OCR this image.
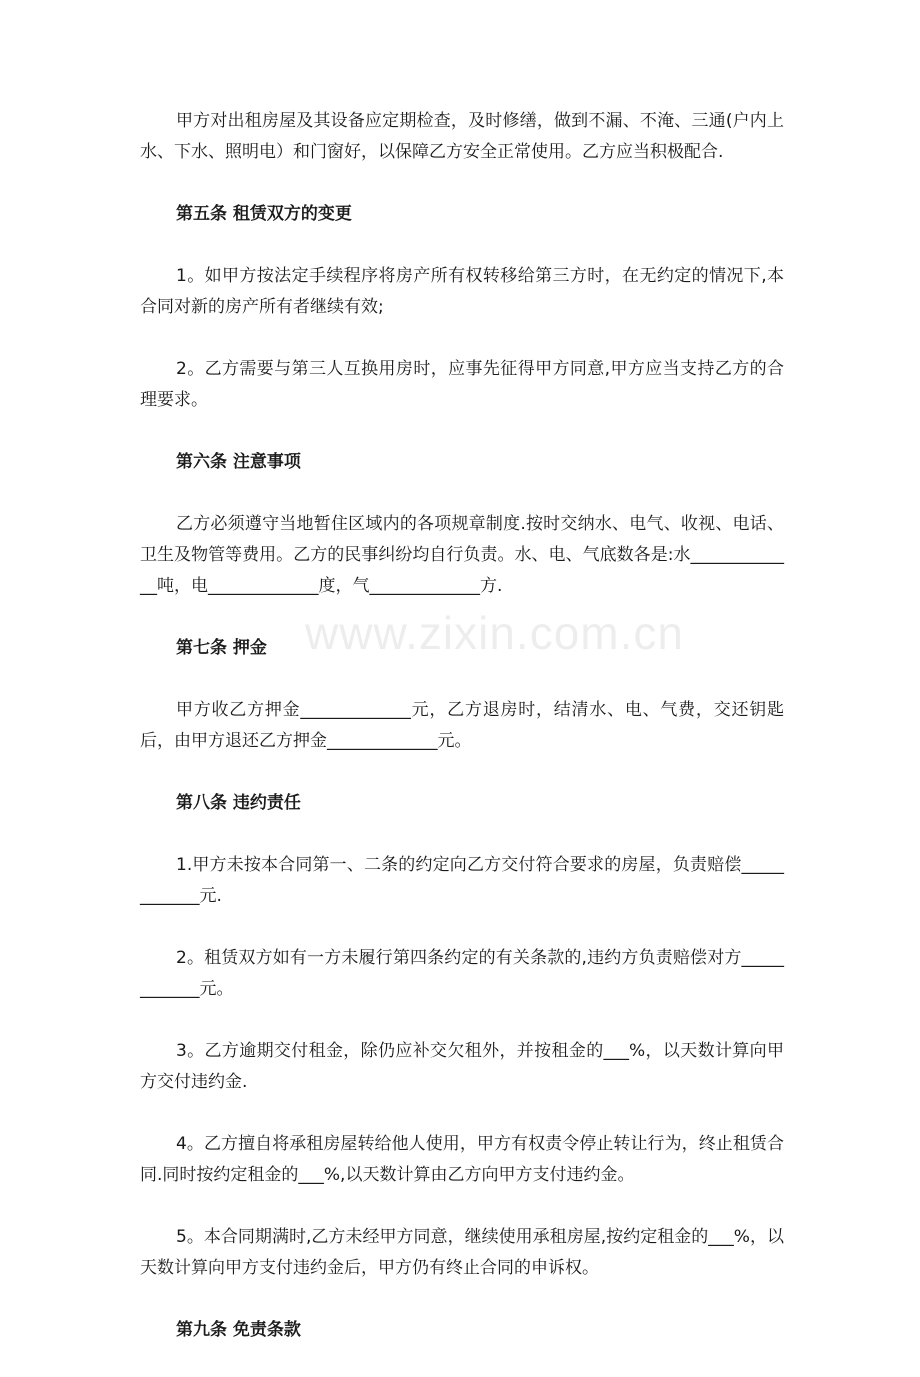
甲方对出租房屋及其设备应定期检查，及时修缮，做到不漏、不淹、三通(户内上水、下水、照明电）和门窗好，以保障乙方安全正常使用。乙方应当积极配合.

第五条 租赁双方的变更

1。如甲方按法定手续程序将房产所有权转移给第三方时，在无约定的情况下,本合同对新的房产所有者继续有效;

2。乙方需要与第三人互换用房时，应事先征得甲方同意,甲方应当支持乙方的合理要求。

第六条 注意事项

乙方必须遵守当地暂住区域内的各项规章制度.按时交纳水、电气、收视、电话、卫生及物管等费用。乙方的民事纠纷均自行负责。水、电、气底数各是:水_____________吨，电_____________度，气_____________方.

第七条 押金

甲方收乙方押金_____________元，乙方退房时，结清水、电、气费，交还钥匙后，由甲方退还乙方押金_____________元。

第八条 违约责任

1.甲方未按本合同第一、二条的约定向乙方交付符合要求的房屋，负责赔偿____________元.

2。租赁双方如有一方未履行第四条约定的有关条款的,违约方负责赔偿对方____________元。

3。乙方逾期交付租金，除仍应补交欠租外，并按租金的___%，以天数计算向甲方交付违约金.

4。乙方擅自将承租房屋转给他人使用，甲方有权责令停止转让行为，终止租赁合同.同时按约定租金的___%,以天数计算由乙方向甲方支付违约金。

5。本合同期满时,乙方未经甲方同意，继续使用承租房屋,按约定租金的___%，以天数计算向甲方支付违约金后，甲方仍有终止合同的申诉权。

第九条 免责条款

www.zixin.com.cn
